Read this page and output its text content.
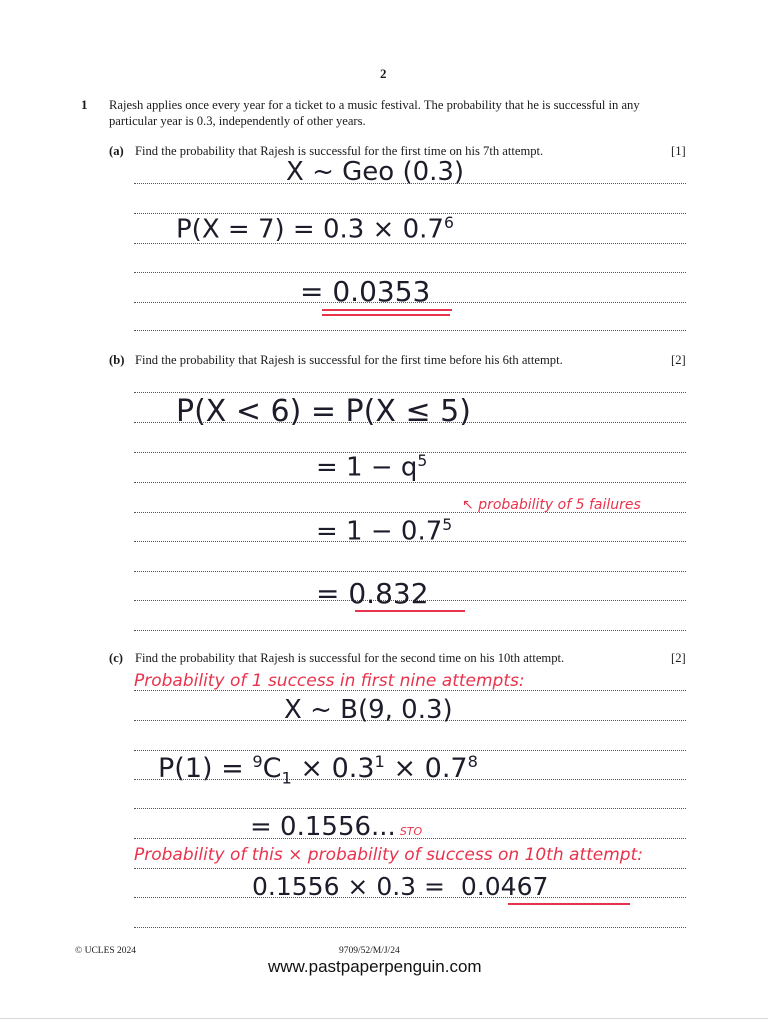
2
1 Rajesh applies once every year for a ticket to a music festival. The probability that he is successful in any particular year is 0.3, independently of other years.
(a) Find the probability that Rajesh is successful for the first time on his 7th attempt.	[1]
X ~ Geo (0.3)
$P(X = 7) = 0.3 \times 0.7^6$
= 0.0353
(b) Find the probability that Rajesh is successful for the first time before his 6th attempt.	[2]
P(X < 6) = P(X ≤ 5)
= $1 - q^5$
↖ probability of 5 failures
= $1 - 0.7^5$
= 0.832
(c) Find the probability that Rajesh is successful for the second time on his 10th attempt.	[2]
Probability of 1 success in first nine attempts:
X ~ B(9, 0.3)
$P(1) = ^9C_1 \times 0.3^1 \times 0.7^8$
= 0.1556... STO
Probability of this × probability of success on 10th attempt:
0.1556 × 0.3 = 0.0467
© UCLES 2024	9709/52/M/J/24
www.pastpaperpenguin.com
